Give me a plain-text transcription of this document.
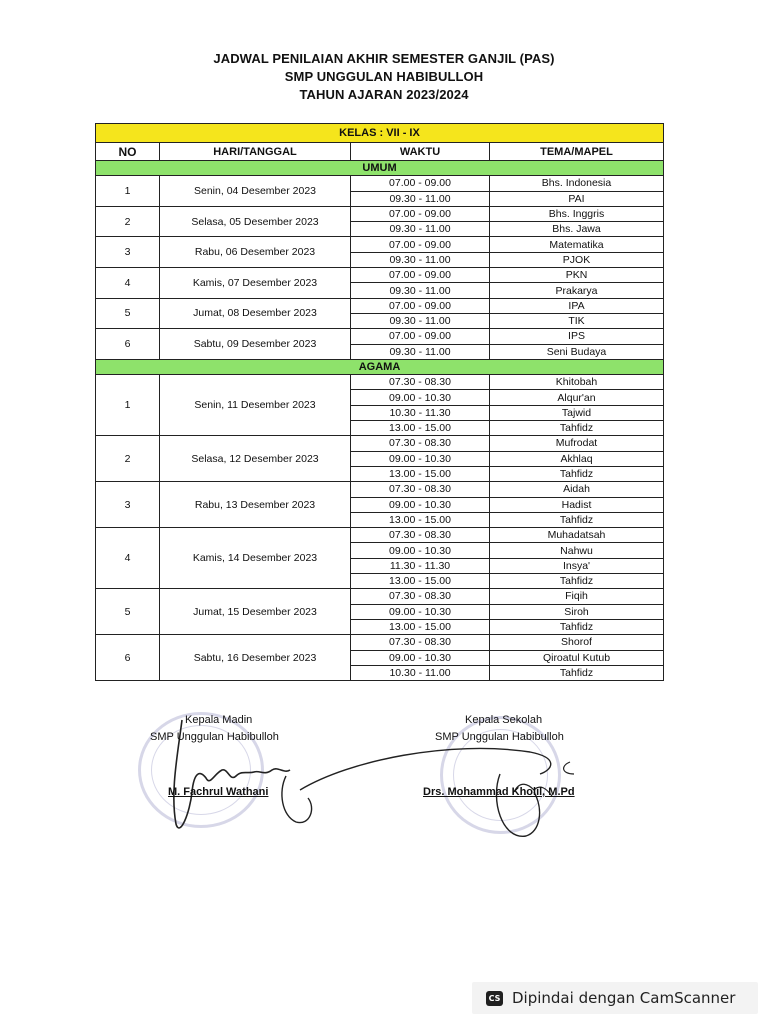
JADWAL PENILAIAN AKHIR SEMESTER GANJIL (PAS)
SMP UNGGULAN HABIBULLOH
TAHUN AJARAN 2023/2024
KELAS : VII - IX			
NO	HARI/TANGGAL	WAKTU	TEMA/MAPEL
UMUM			
1	Senin, 04 Desember 2023	07.00 - 09.00	Bhs. Indonesia
		09.30 - 11.00	PAI
2	Selasa, 05 Desember 2023	07.00 - 09.00	Bhs. Inggris
		09.30 - 11.00	Bhs. Jawa
3	Rabu, 06 Desember 2023	07.00 - 09.00	Matematika
		09.30 - 11.00	PJOK
4	Kamis, 07 Desember 2023	07.00 - 09.00	PKN
		09.30 - 11.00	Prakarya
5	Jumat, 08 Desember 2023	07.00 - 09.00	IPA
		09.30 - 11.00	TIK
6	Sabtu, 09 Desember 2023	07.00 - 09.00	IPS
		09.30 - 11.00	Seni Budaya
AGAMA			
1	Senin, 11 Desember 2023	07.30 - 08.30	Khitobah
		09.00 - 10.30	Alqur'an
		10.30 - 11.30	Tajwid
		13.00 - 15.00	Tahfidz
2	Selasa, 12 Desember 2023	07.30 - 08.30	Mufrodat
		09.00 - 10.30	Akhlaq
		13.00 - 15.00	Tahfidz
3	Rabu, 13 Desember 2023	07.30 - 08.30	Aidah
		09.00 - 10.30	Hadist
		13.00 - 15.00	Tahfidz
4	Kamis, 14 Desember 2023	07.30 - 08.30	Muhadatsah
		09.00 - 10.30	Nahwu
		11.30 - 11.30	Insya'
		13.00 - 15.00	Tahfidz
5	Jumat, 15 Desember 2023	07.30 - 08.30	Fiqih
		09.00 - 10.30	Siroh
		13.00 - 15.00	Tahfidz
6	Sabtu, 16 Desember 2023	07.30 - 08.30	Shorof
		09.00 - 10.30	Qiroatul Kutub
		10.30 - 11.00	Tahfidz
Kepala Madin
SMP Unggulan Habibulloh
M. Fachrul Wathani
Kepala Sekolah
SMP Unggulan Habibulloh
Drs. Mohammad Kholil, M.Pd
CS Dipindai dengan CamScanner
